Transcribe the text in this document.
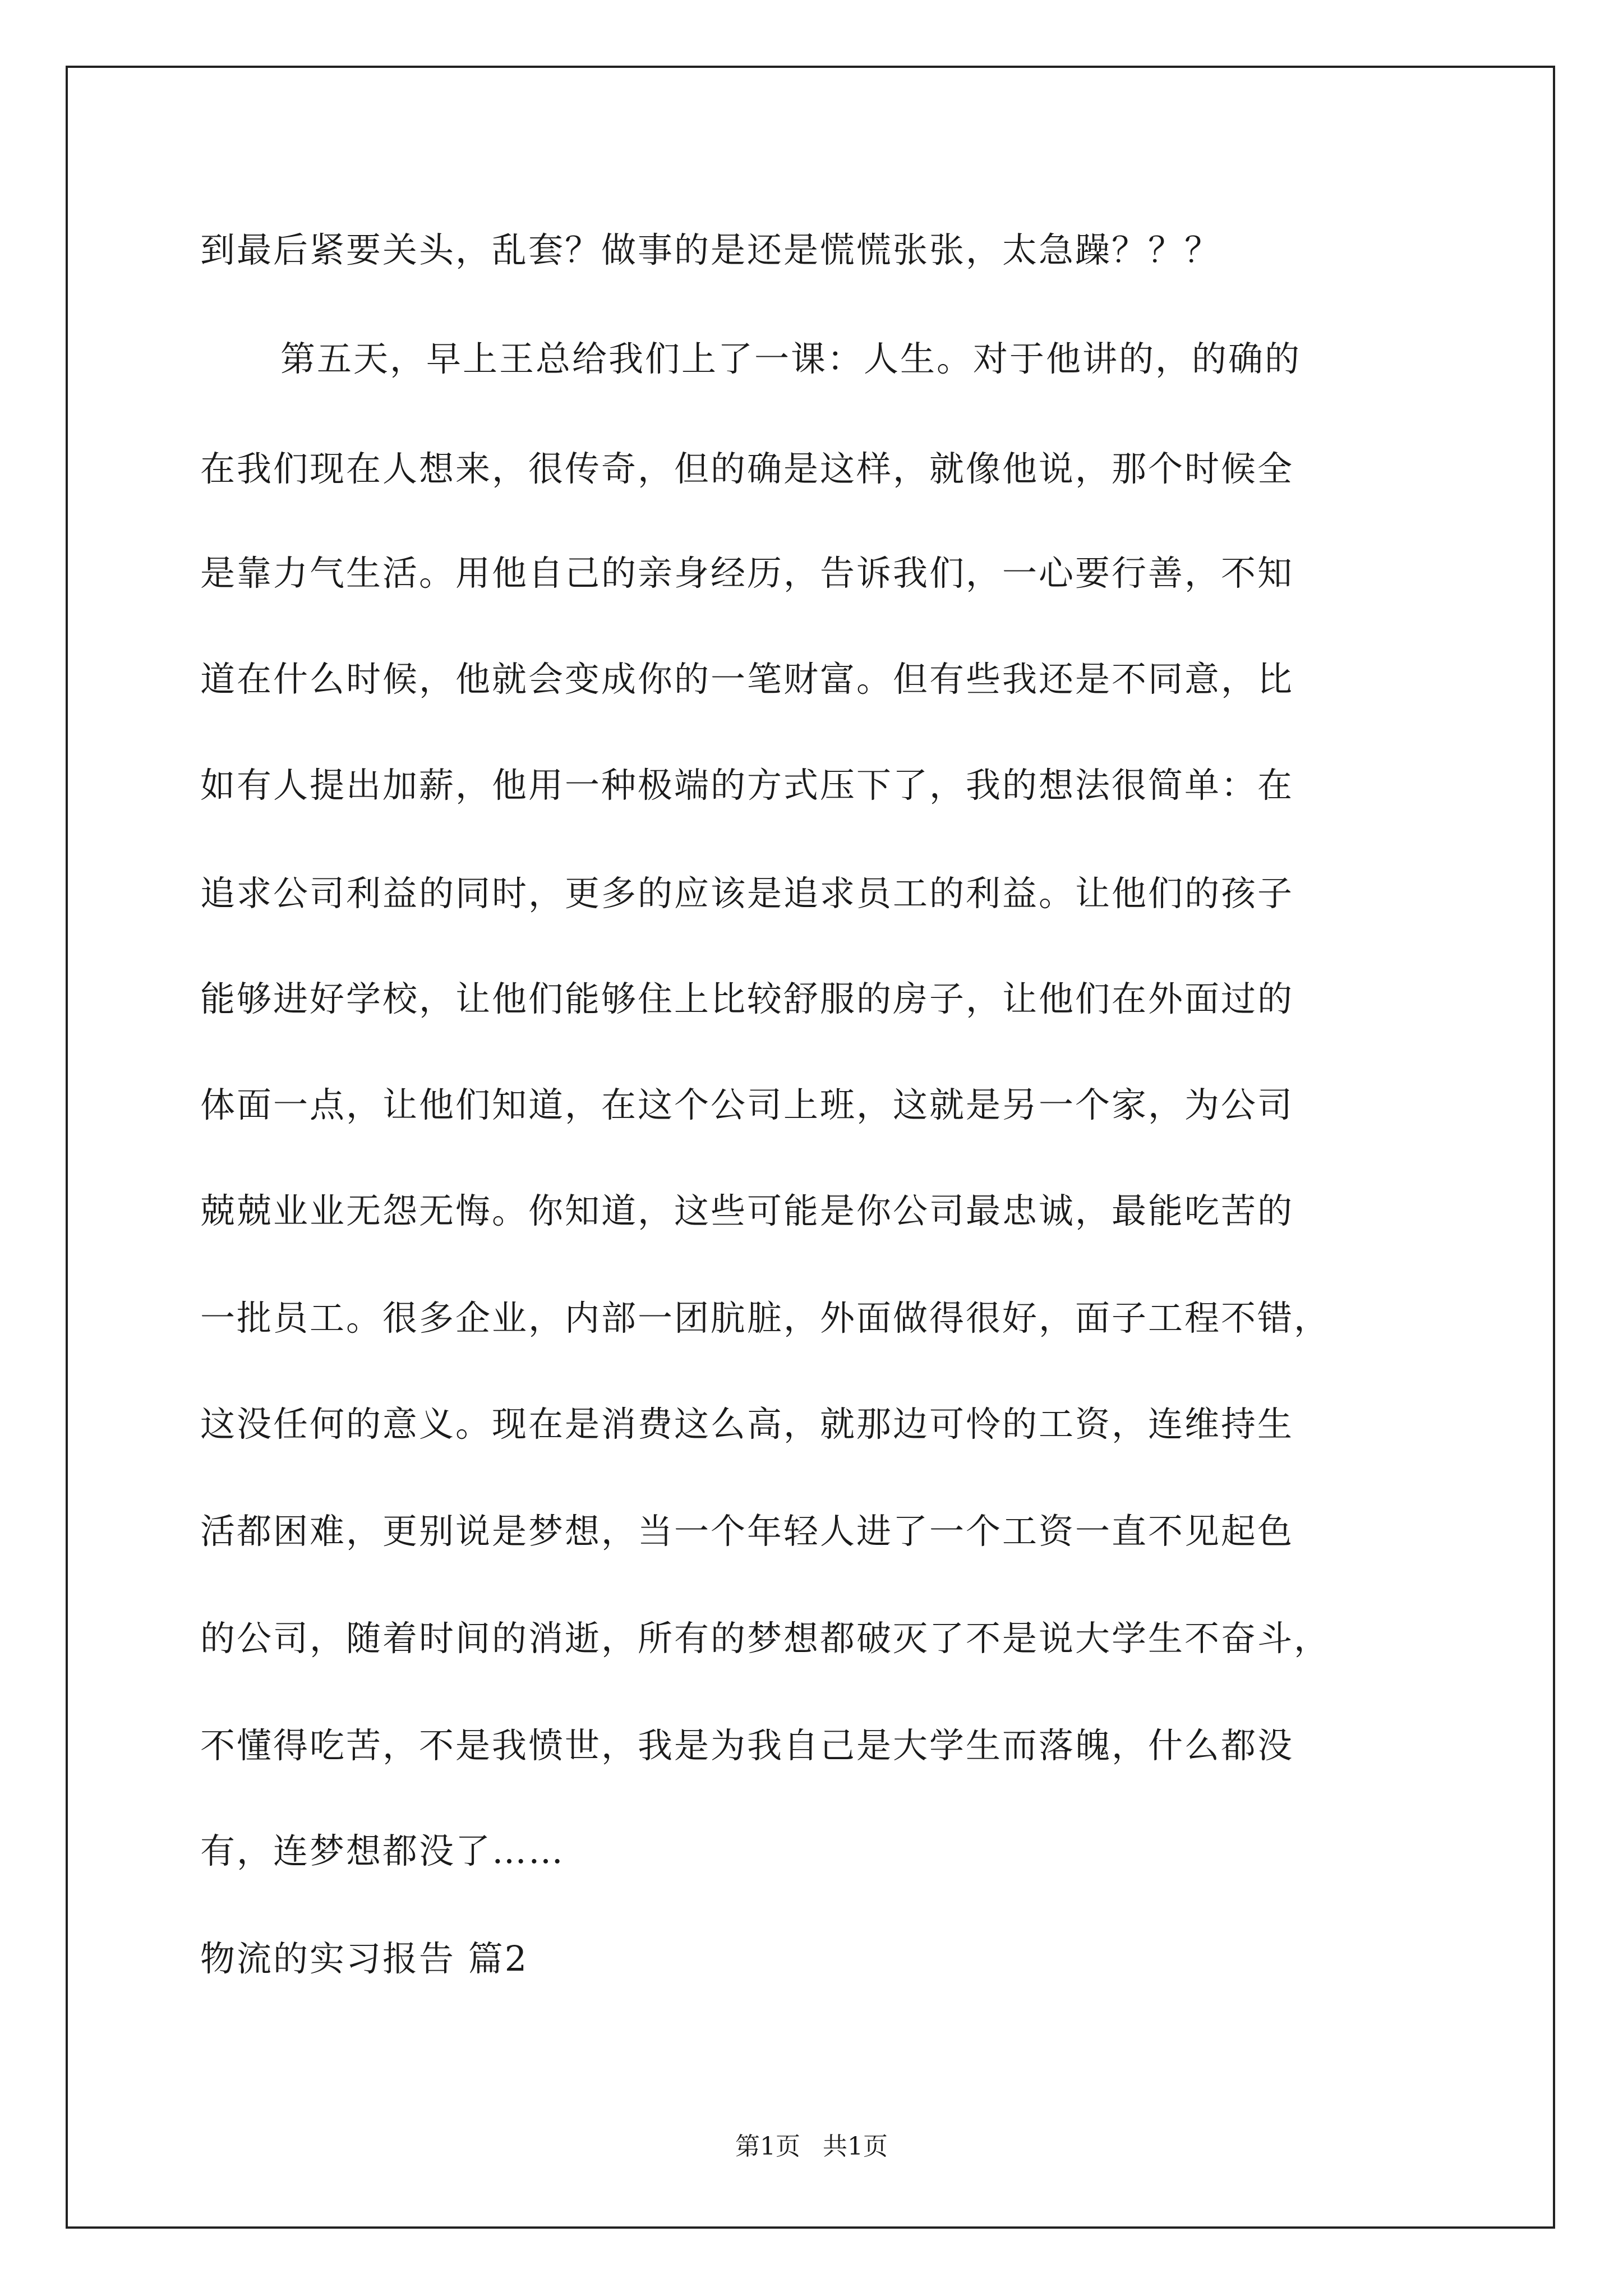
到最后紧要关头，乱套？做事的是还是慌慌张张，太急躁？？？
第五天，早上王总给我们上了一课：人生。对于他讲的，的确的
在我们现在人想来，很传奇，但的确是这样，就像他说，那个时候全
是靠力气生活。用他自己的亲身经历，告诉我们，一心要行善，不知
道在什么时候，他就会变成你的一笔财富。但有些我还是不同意，比
如有人提出加薪，他用一种极端的方式压下了，我的想法很简单：在
追求公司利益的同时，更多的应该是追求员工的利益。让他们的孩子
能够进好学校，让他们能够住上比较舒服的房子，让他们在外面过的
体面一点，让他们知道，在这个公司上班，这就是另一个家，为公司
兢兢业业无怨无悔。你知道，这些可能是你公司最忠诚，最能吃苦的
一批员工。很多企业，内部一团肮脏，外面做得很好，面子工程不错，
这没任何的意义。现在是消费这么高，就那边可怜的工资，连维持生
活都困难，更别说是梦想，当一个年轻人进了一个工资一直不见起色
的公司，随着时间的消逝，所有的梦想都破灭了不是说大学生不奋斗，
不懂得吃苦，不是我愤世，我是为我自己是大学生而落魄，什么都没
有，连梦想都没了……
物流的实习报告 篇2
第1页 共1页
